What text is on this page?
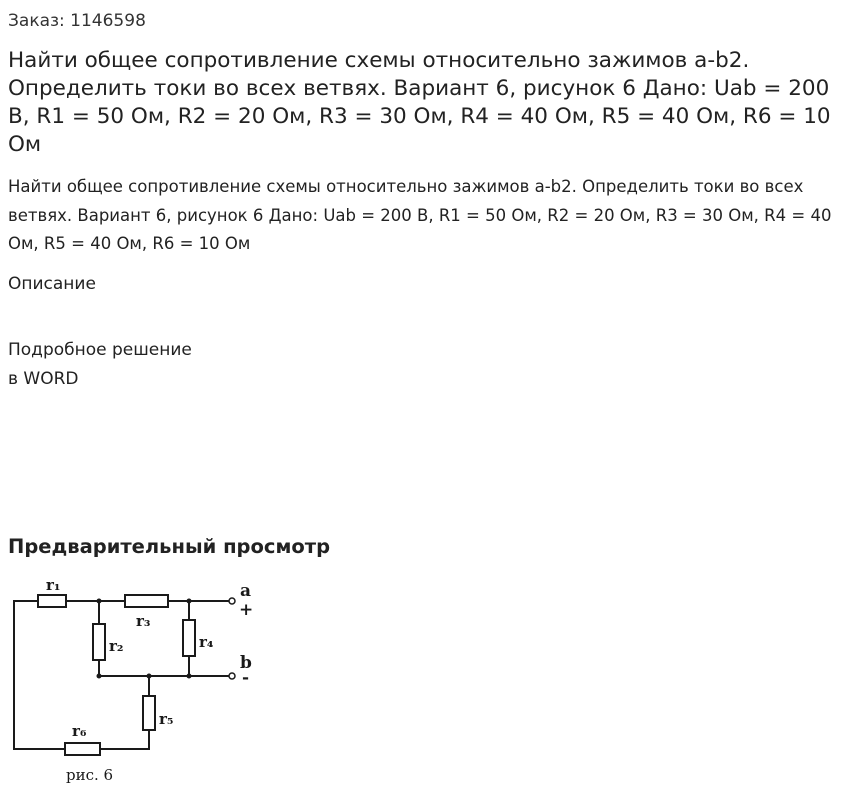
Заказ: 1146598
Найти общее сопротивление схемы относительно зажимов a-b2. Определить токи во всех ветвях. Вариант 6, рисунок 6 Дано: Uab = 200 В, R1 = 50 Ом, R2 = 20 Ом, R3 = 30 Ом, R4 = 40 Ом, R5 = 40 Ом, R6 = 10 Ом
Найти общее сопротивление схемы относительно зажимов a-b2. Определить токи во всех ветвях. Вариант 6, рисунок 6 Дано: Uab = 200 В, R1 = 50 Ом, R2 = 20 Ом, R3 = 30 Ом, R4 = 40 Ом, R5 = 40 Ом, R6 = 10 Ом
Описание
Подробное решение
в WORD
Предварительный просмотр
r₁
r₃
r₂	r₄
r₅
r₆
a
+
b
-
рис. 6
